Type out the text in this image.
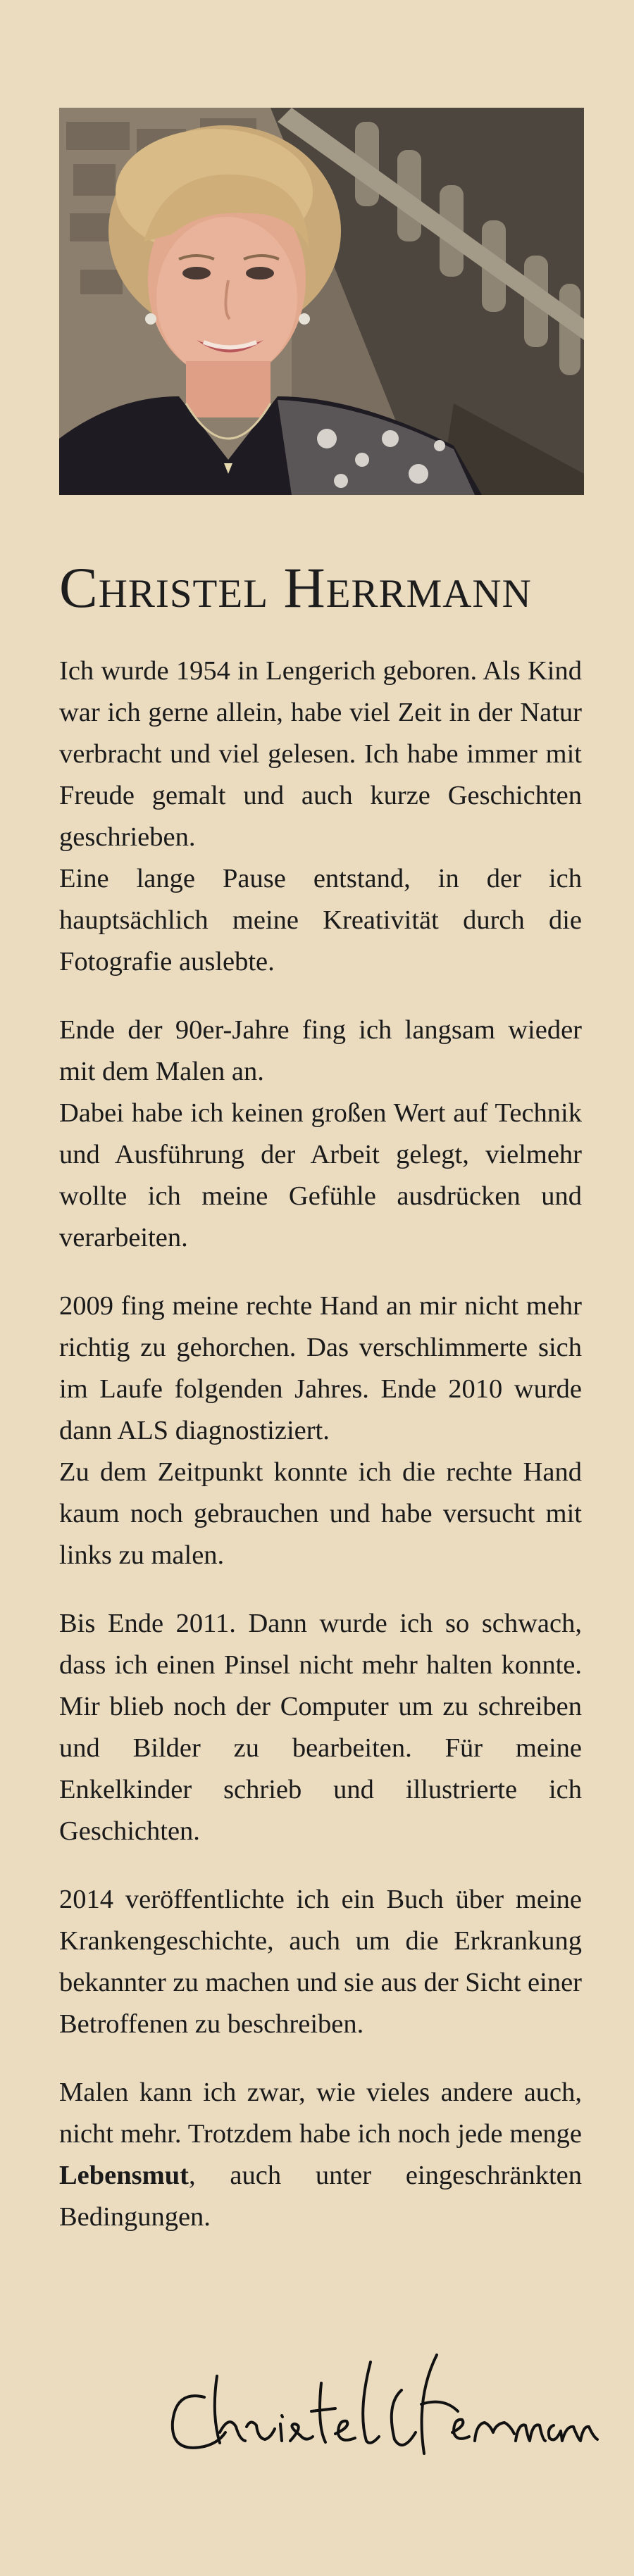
Christel Herrmann

Ich wurde 1954 in Lengerich geboren. Als Kind war ich gerne allein, habe viel Zeit in der Natur verbracht und viel gelesen. Ich habe immer mit Freude gemalt und auch kurze Geschichten geschrieben.
Eine lange Pause entstand, in der ich hauptsächlich meine Kreativität durch die Fotografie auslebte.

Ende der 90er-Jahre fing ich langsam wieder mit dem Malen an.
Dabei habe ich keinen großen Wert auf Technik und Ausführung der Arbeit gelegt, vielmehr wollte ich meine Gefühle ausdrücken und verarbeiten.

2009 fing meine rechte Hand an mir nicht mehr richtig zu gehorchen. Das verschlimmerte sich im Laufe folgenden Jahres. Ende 2010 wurde dann ALS diagnostiziert.
Zu dem Zeitpunkt konnte ich die rechte Hand kaum noch gebrauchen und habe versucht mit links zu malen.

Bis Ende 2011. Dann wurde ich so schwach, dass ich einen Pinsel nicht mehr halten konnte. Mir blieb noch der Computer um zu schreiben und Bilder zu bearbeiten. Für meine Enkelkinder schrieb und illustrierte ich Geschichten.

2014 veröffentlichte ich ein Buch über meine Krankengeschichte, auch um die Erkrankung bekannter zu machen und sie aus der Sicht einer Betroffenen zu beschreiben.

Malen kann ich zwar, wie vieles andere auch, nicht mehr. Trotzdem habe ich noch jede menge Lebensmut, auch unter eingeschränkten Bedingungen.
